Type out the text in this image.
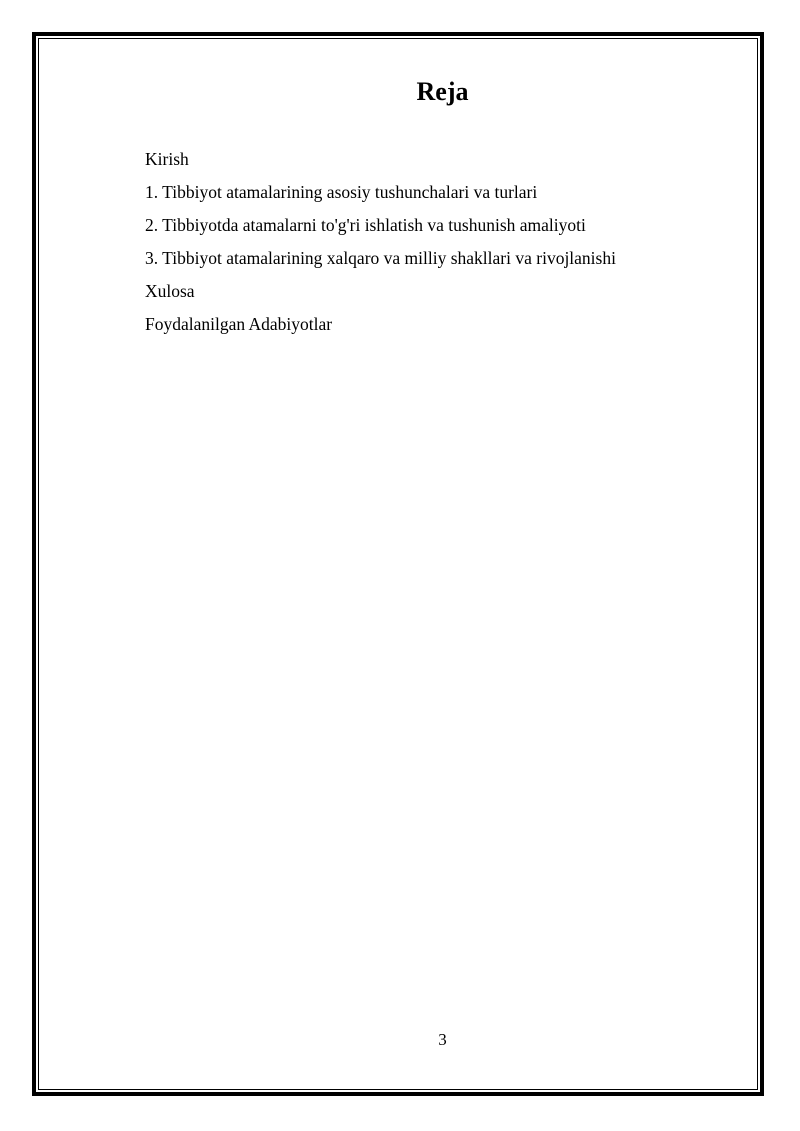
Reja
Kirish
1. Tibbiyot atamalarining asosiy tushunchalari va turlari
2. Tibbiyotda atamalarni to'g'ri ishlatish va tushunish amaliyoti
3. Tibbiyot atamalarining xalqaro va milliy shakllari va rivojlanishi
Xulosa
Foydalanilgan Adabiyotlar
3
